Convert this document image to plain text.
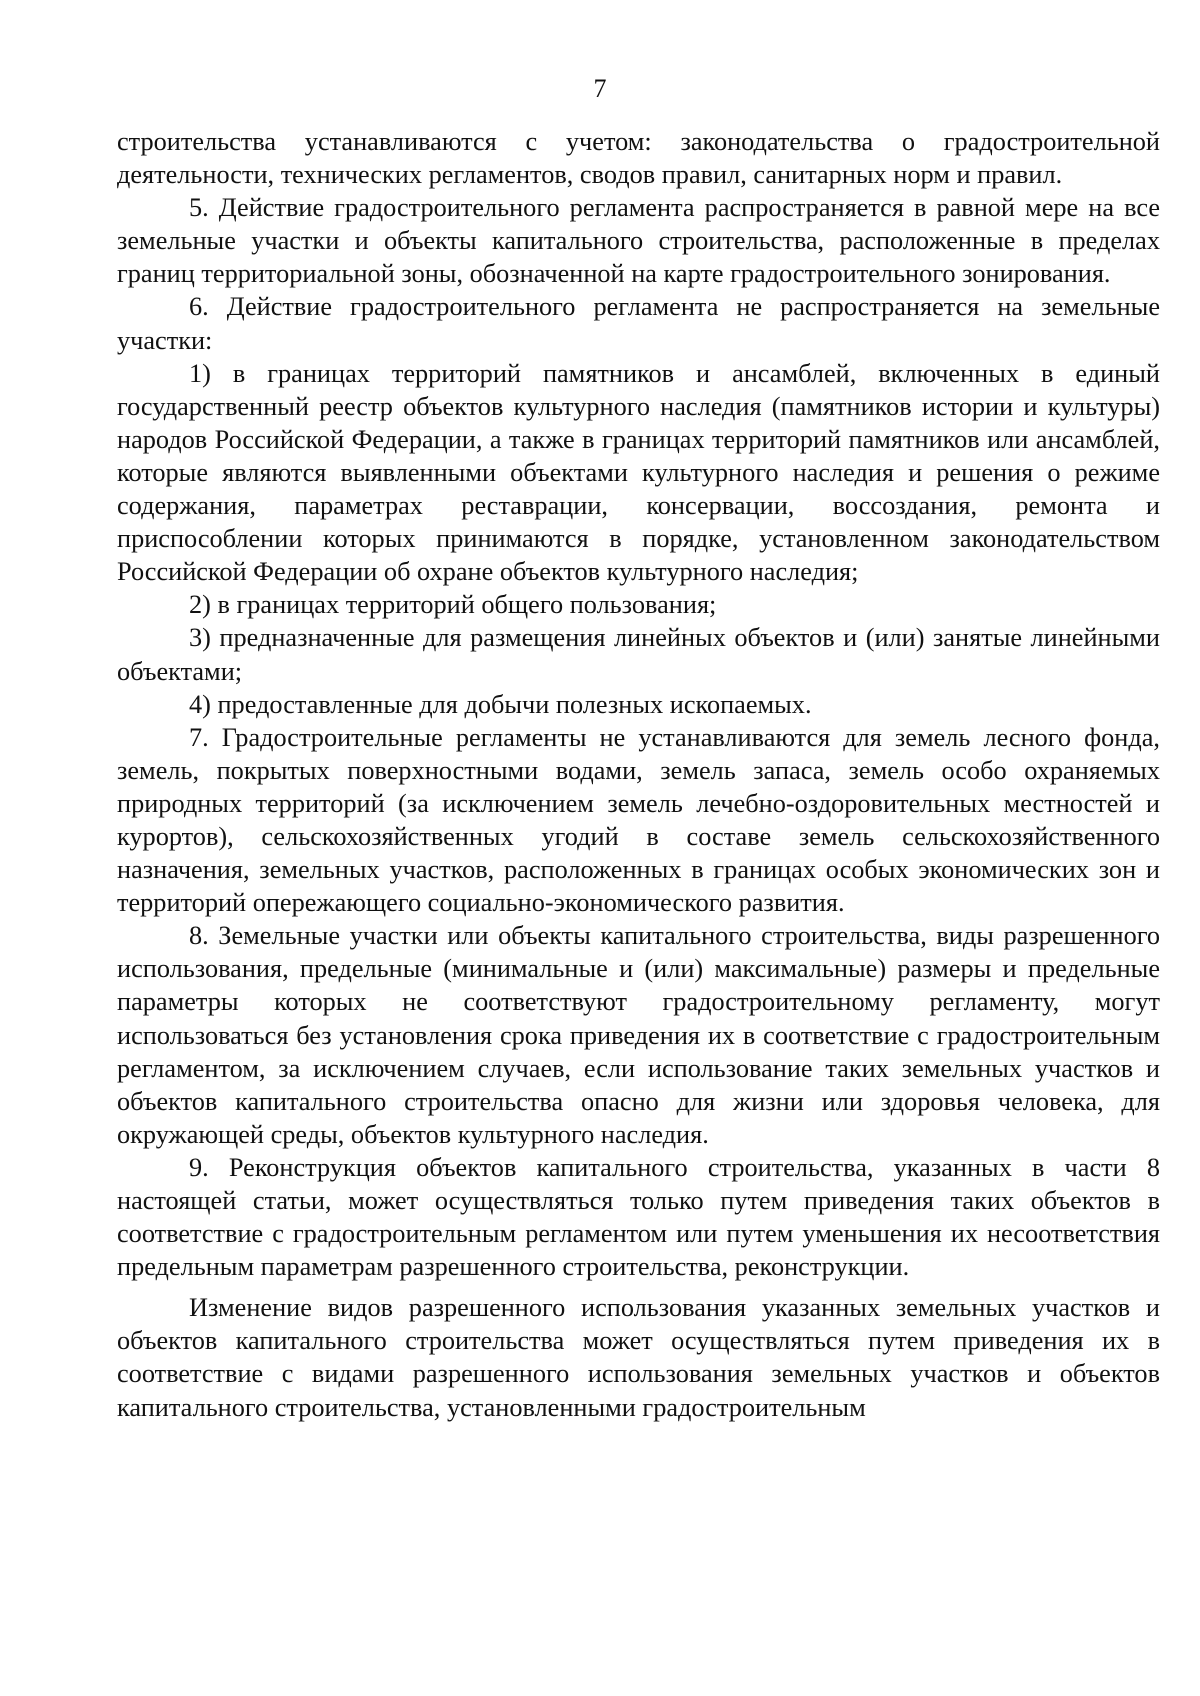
7

строительства устанавливаются с учетом: законодательства о градостроительной деятельности, технических регламентов, сводов правил, санитарных норм и правил.

5. Действие градостроительного регламента распространяется в равной мере на все земельные участки и объекты капитального строительства, расположенные в пределах границ территориальной зоны, обозначенной на карте градостроительного зонирования.

6. Действие градостроительного регламента не распространяется на земельные участки:

1) в границах территорий памятников и ансамблей, включенных в единый государственный реестр объектов культурного наследия (памятников истории и культуры) народов Российской Федерации, а также в границах территорий памятников или ансамблей, которые являются выявленными объектами культурного наследия и решения о режиме содержания, параметрах реставрации, консервации, воссоздания, ремонта и приспособлении которых принимаются в порядке, установленном законодательством Российской Федерации об охране объектов культурного наследия;

2) в границах территорий общего пользования;

3) предназначенные для размещения линейных объектов и (или) занятые линейными объектами;

4) предоставленные для добычи полезных ископаемых.

7. Градостроительные регламенты не устанавливаются для земель лесного фонда, земель, покрытых поверхностными водами, земель запаса, земель особо охраняемых природных территорий (за исключением земель лечебно-оздоровительных местностей и курортов), сельскохозяйственных угодий в составе земель сельскохозяйственного назначения, земельных участков, расположенных в границах особых экономических зон и территорий опережающего социально-экономического развития.

8. Земельные участки или объекты капитального строительства, виды разрешенного использования, предельные (минимальные и (или) максимальные) размеры и предельные параметры которых не соответствуют градостроительному регламенту, могут использоваться без установления срока приведения их в соответствие с градостроительным регламентом, за исключением случаев, если использование таких земельных участков и объектов капитального строительства опасно для жизни или здоровья человека, для окружающей среды, объектов культурного наследия.

9. Реконструкция объектов капитального строительства, указанных в части 8 настоящей статьи, может осуществляться только путем приведения таких объектов в соответствие с градостроительным регламентом или путем уменьшения их несоответствия предельным параметрам разрешенного строительства, реконструкции.

Изменение видов разрешенного использования указанных земельных участков и объектов капитального строительства может осуществляться путем приведения их в соответствие с видами разрешенного использования земельных участков и объектов капитального строительства, установленными градостроительным
